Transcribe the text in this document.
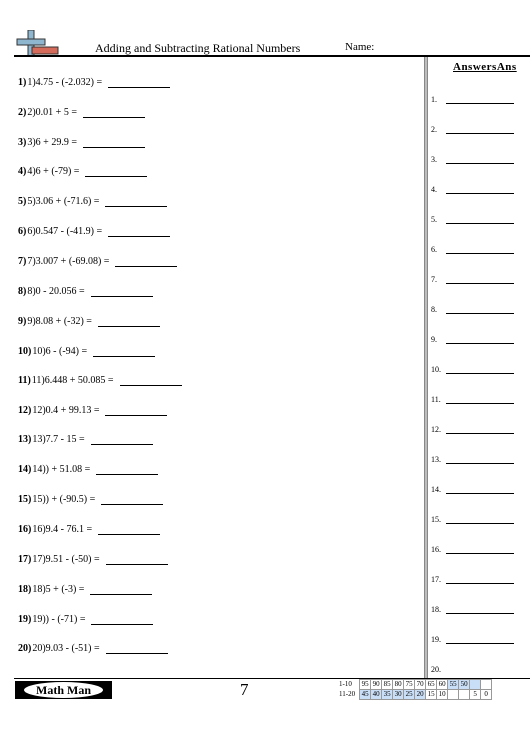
Adding and Subtracting Rational Numbers	Name:
AnswersAns
1) 1)4.75 - (-2.032) =
2) 2)0.01 + 5 =
3) 3)6 + 29.9 =
4) 4)6 + (-79) =
5) 5)3.06 + (-71.6) =
6) 6)0.547 - (-41.9) =
7) 7)3.007 + (-69.08) =
8) 8)0 - 20.056 =
9) 9)8.08 + (-32) =
10) 10)6 - (-94) =
11) 11)6.448 + 50.085 =
12) 12)0.4 + 99.13 =
13) 13)7.7 - 15 =
14) 14)) + 51.08 =
15) 15)) + (-90.5) =
16) 16)9.4 - 76.1 =
17) 17)9.51 - (-50) =
18) 18)5 + (-3) =
19) 19)) - (-71) =
20) 20)9.03 - (-51) =
1.
2.
3.
4.
5.
6.
7.
8.
9.
10.
11.
12.
13.
14.
15.
16.
17.
18.
19.
20.
Math Man	7	1-10	95	90	85	80	75	70	65	60	55	50		
11-20	45	40	35	30	25	20	15	10			5	0
